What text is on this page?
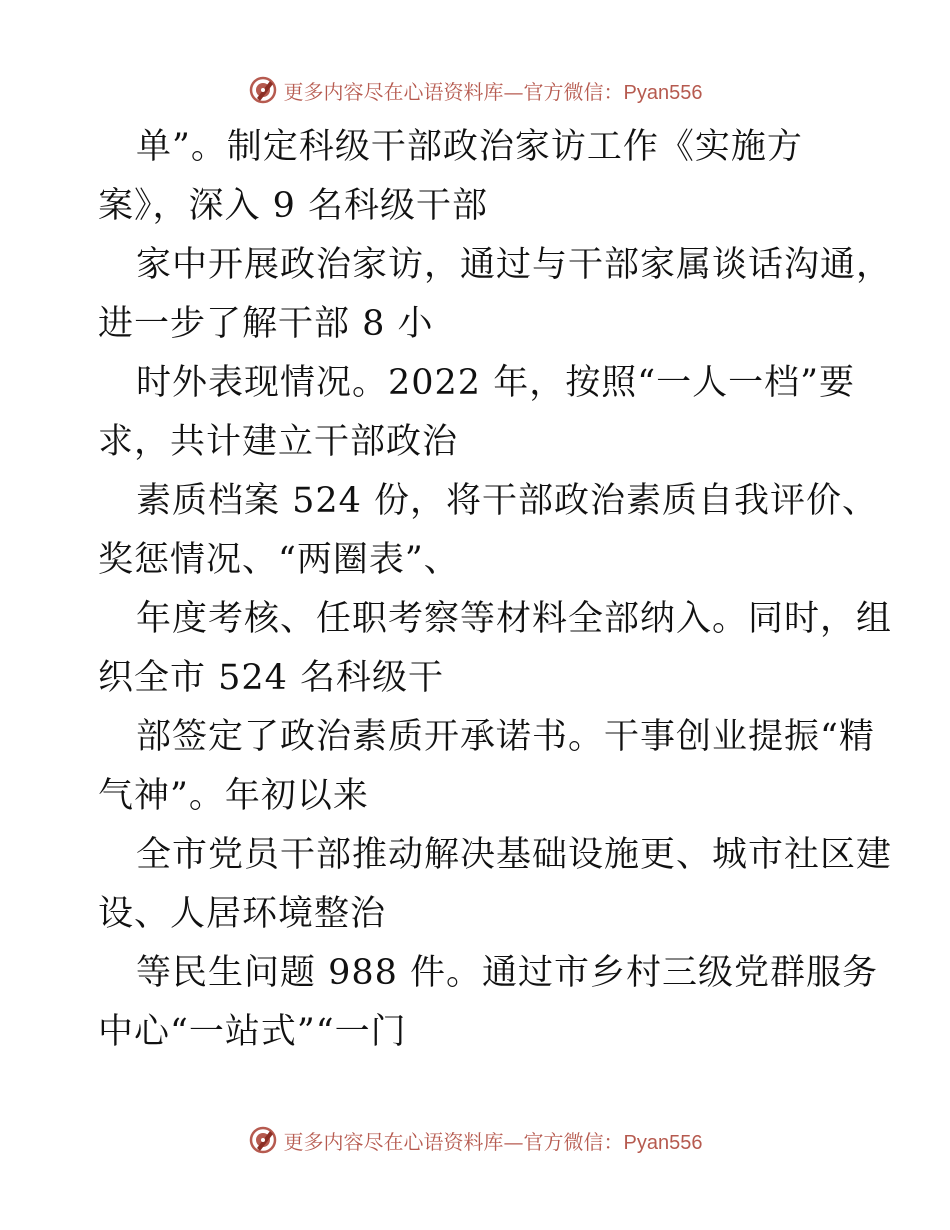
更多内容尽在心语资料库—官方微信：Pyan556

单”。制定科级干部政治家访工作《实施方

案》，深入 9 名科级干部

家中开展政治家访，通过与干部家属谈话沟通，

进一步了解干部 8 小

时外表现情况。2022 年，按照“一人一档”要

求，共计建立干部政治

素质档案 524 份，将干部政治素质自我评价、

奖惩情况、“两圈表”、

年度考核、任职考察等材料全部纳入。同时，组

织全市 524 名科级干

部签定了政治素质开承诺书。干事创业提振“精

气神”。年初以来

全市党员干部推动解决基础设施更、城市社区建

设、人居环境整治

等民生问题 988 件。通过市乡村三级党群服务

中心“一站式”“一门

更多内容尽在心语资料库—官方微信：Pyan556
